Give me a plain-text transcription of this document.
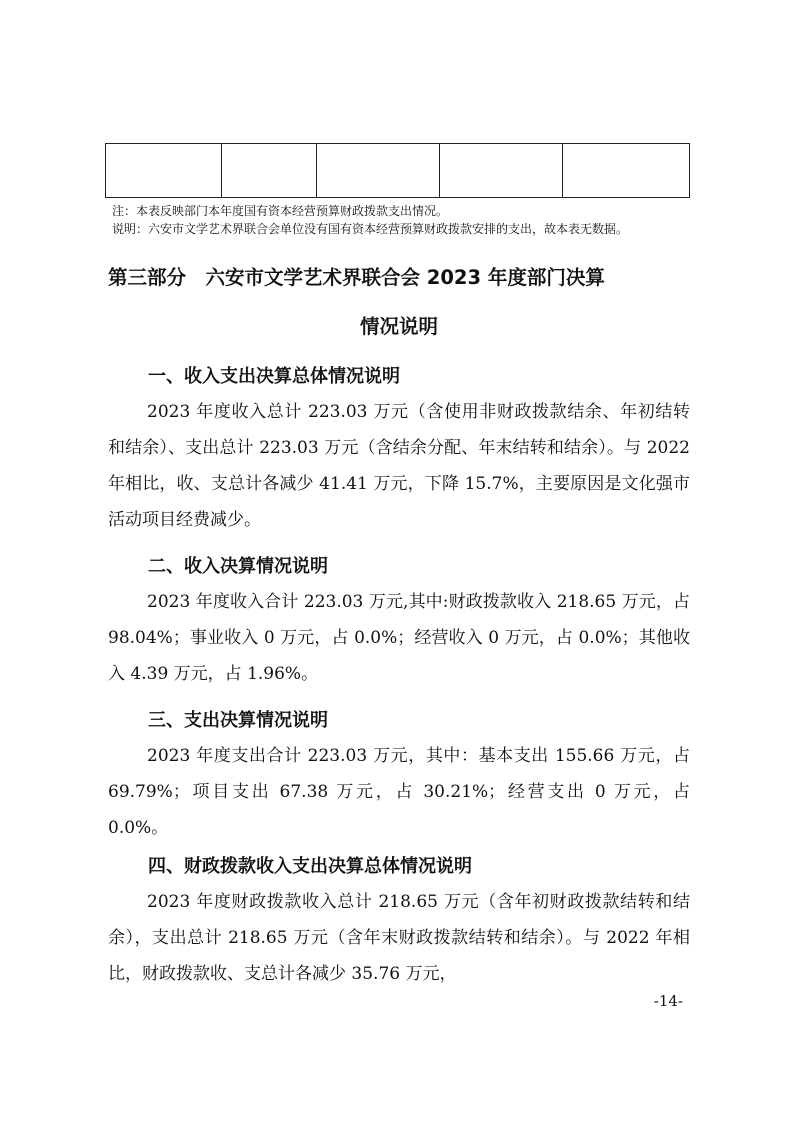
注：本表反映部门本年度国有资本经营预算财政拨款支出情况。
说明：六安市文学艺术界联合会单位没有国有资本经营预算财政拨款安排的支出，故本表无数据。
第三部分　六安市文学艺术界联合会 2023 年度部门决算
情况说明
一、收入支出决算总体情况说明

2023 年度收入总计 223.03 万元（含使用非财政拨款结余、年初结转和结余）、支出总计 223.03 万元（含结余分配、年末结转和结余）。与 2022 年相比，收、支总计各减少 41.41 万元，下降 15.7%，主要原因是文化强市活动项目经费减少。

二、收入决算情况说明

2023 年度收入合计 223.03 万元,其中:财政拨款收入 218.65 万元，占 98.04%；事业收入 0 万元，占 0.0%；经营收入 0 万元，占 0.0%；其他收入 4.39 万元，占 1.96%。

三、支出决算情况说明

2023 年度支出合计 223.03 万元，其中：基本支出 155.66 万元，占 69.79%；项目支出 67.38 万元，占 30.21%；经营支出 0 万元，占 0.0%。

四、财政拨款收入支出决算总体情况说明

2023 年度财政拨款收入总计 218.65 万元（含年初财政拨款结转和结余），支出总计 218.65 万元（含年末财政拨款结转和结余）。与 2022 年相比，财政拨款收、支总计各减少 35.76 万元，

-14-
